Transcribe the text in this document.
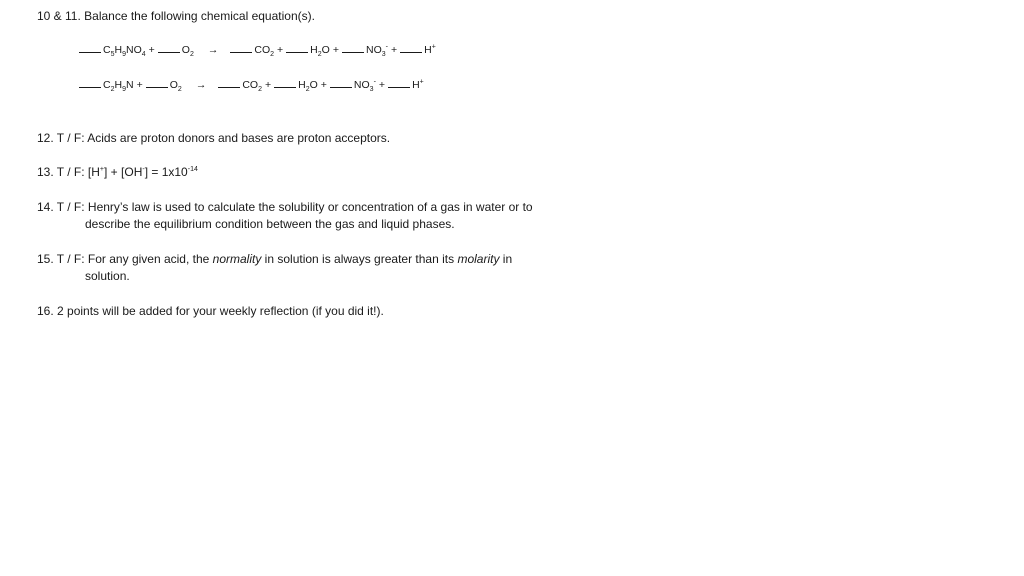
10 & 11. Balance the following chemical equation(s).
$C_5H_9NO_4$ +	$O_2$ →	$CO_2$ +	$H_2O$ +	$NO_3^-$ +	H+
$C_2H_9N$ +	$O_2$ →	$CO_2$ +	$H_2O$ +	$NO_3^-$ +	H+
12. T / F: Acids are proton donors and bases are proton acceptors.
13. T / F: $[H^+] + [OH^-] = 1x10^{-14}$
14. T / F: Henry’s law is used to calculate the solubility or concentration of a gas in water or to
describe the equilibrium condition between the gas and liquid phases.
15. T / F: For any given acid, the normality in solution is always greater than its molarity in
solution.
16. 2 points will be added for your weekly reflection (if you did it!).
